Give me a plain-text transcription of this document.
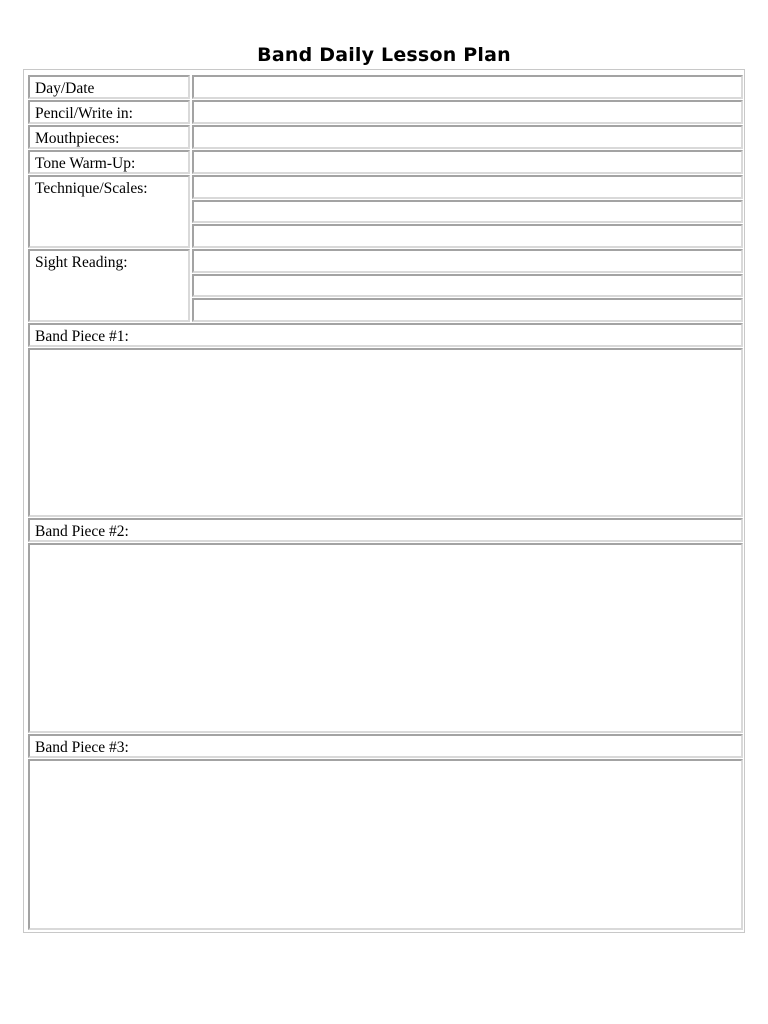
Band Daily Lesson Plan
Day/Date
Pencil/Write in:
Mouthpieces:
Tone Warm-Up:
Technique/Scales:
Sight Reading:
Band Piece #1:
Band Piece #2:
Band Piece #3:
